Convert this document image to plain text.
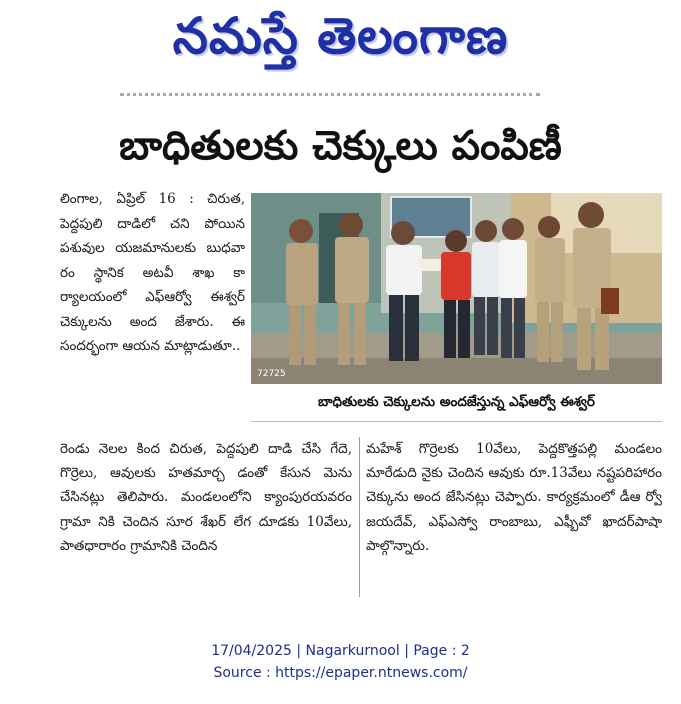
నమస్తే తెలంగాణ
బాధితులకు చెక్కులు పంపిణీ

లింగాల, ఏప్రిల్ 16 : చిరుత, పెద్దపులి దాడిలో చని పోయిన పశువుల యజమానులకు బుధవా రం స్థానిక అటవీ శాఖ కా ర్యాలయంలో ఎఫ్ఆర్వో ఈశ్వర్ చెక్కులను అంద జేశారు. ఈ సందర్భంగా ఆయన మాట్లాడుతూ..

72725
బాధితులకు చెక్కులను అందజేస్తున్న ఎఫ్ఆర్వో ఈశ్వర్

రెండు నెలల కింద చిరుత, పెద్దపులి దాడి చేసి గేదె, గొర్రెలు, ఆవులకు హతమార్చ డంతో కేసున మెను చేసినట్లు తెలిపారు. మండలంలోని క్యాంపురయవరం గ్రామా నికి చెందిన సూర శేఖర్ లేగ దూడకు 10వేలు, పాతధారారం గ్రామానికి చెందిన

మహేశ్ గొర్రెలకు 10వేలు, పెద్దకొత్తపల్లి మండలం మారేడుది నైకు చెందిన ఆవుకు రూ.13వేలు నష్టపరిహారం చెక్కును అంద జేసినట్లు చెప్పారు. కార్యక్రమంలో డీఆ ర్వో జయదేవ్, ఎఫ్ఎస్వో రాంబాబు, ఎఫ్బీవో ఖాదర్‌పాషా పాల్గొన్నారు.

17/04/2025 | Nagarkurnool | Page : 2
Source : https://epaper.ntnews.com/
